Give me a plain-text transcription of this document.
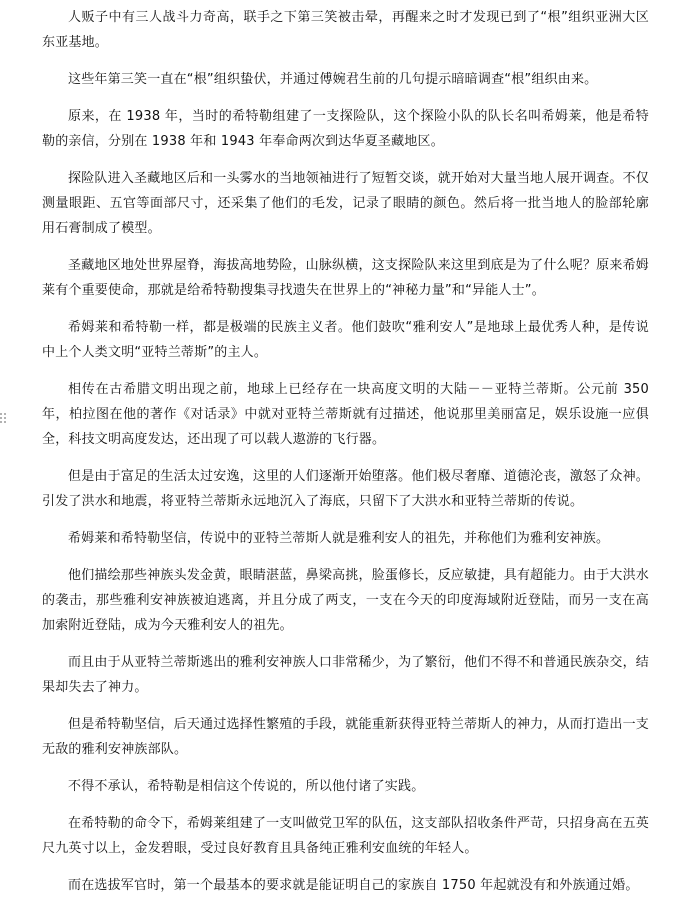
人贩子中有三人战斗力奇高，联手之下第三笑被击晕，再醒来之时才发现已到了“根”组织亚洲大区东亚基地。

这些年第三笑一直在“根”组织蛰伏，并通过傅婉君生前的几句提示暗暗调查“根”组织由来。

原来，在 1938 年，当时的希特勒组建了一支探险队，这个探险小队的队长名叫希姆莱，他是希特勒的亲信，分别在 1938 年和 1943 年奉命两次到达华夏圣藏地区。

探险队进入圣藏地区后和一头雾水的当地领袖进行了短暂交谈，就开始对大量当地人展开调查。不仅测量眼距、五官等面部尺寸，还采集了他们的毛发，记录了眼睛的颜色。然后将一批当地人的脸部轮廓用石膏制成了模型。

圣藏地区地处世界屋脊，海拔高地势险，山脉纵横，这支探险队来这里到底是为了什么呢？原来希姆莱有个重要使命，那就是给希特勒搜集寻找遗失在世界上的“神秘力量”和“异能人士”。

希姆莱和希特勒一样，都是极端的民族主义者。他们鼓吹“雅利安人”是地球上最优秀人种，是传说中上个人类文明“亚特兰蒂斯”的主人。

相传在古希腊文明出现之前，地球上已经存在一块高度文明的大陆－－亚特兰蒂斯。公元前 350 年，柏拉图在他的著作《对话录》中就对亚特兰蒂斯就有过描述，他说那里美丽富足，娱乐设施一应俱全，科技文明高度发达，还出现了可以载人遨游的飞行器。

但是由于富足的生活太过安逸，这里的人们逐渐开始堕落。他们极尽奢靡、道德沦丧，激怒了众神。引发了洪水和地震，将亚特兰蒂斯永远地沉入了海底，只留下了大洪水和亚特兰蒂斯的传说。

希姆莱和希特勒坚信，传说中的亚特兰蒂斯人就是雅利安人的祖先，并称他们为雅利安神族。

他们描绘那些神族头发金黄，眼睛湛蓝，鼻梁高挑，脸蛋修长，反应敏捷，具有超能力。由于大洪水的袭击，那些雅利安神族被迫逃离，并且分成了两支，一支在今天的印度海域附近登陆，而另一支在高加索附近登陆，成为今天雅利安人的祖先。

而且由于从亚特兰蒂斯逃出的雅利安神族人口非常稀少，为了繁衍，他们不得不和普通民族杂交，结果却失去了神力。

但是希特勒坚信，后天通过选择性繁殖的手段，就能重新获得亚特兰蒂斯人的神力，从而打造出一支无敌的雅利安神族部队。

不得不承认，希特勒是相信这个传说的，所以他付诸了实践。

在希特勒的命令下，希姆莱组建了一支叫做党卫军的队伍，这支部队招收条件严苛，只招身高在五英尺九英寸以上，金发碧眼，受过良好教育且具备纯正雅利安血统的年轻人。

而在选拔军官时，第一个最基本的要求就是能证明自己的家族自 1750 年起就没有和外族通过婚。
